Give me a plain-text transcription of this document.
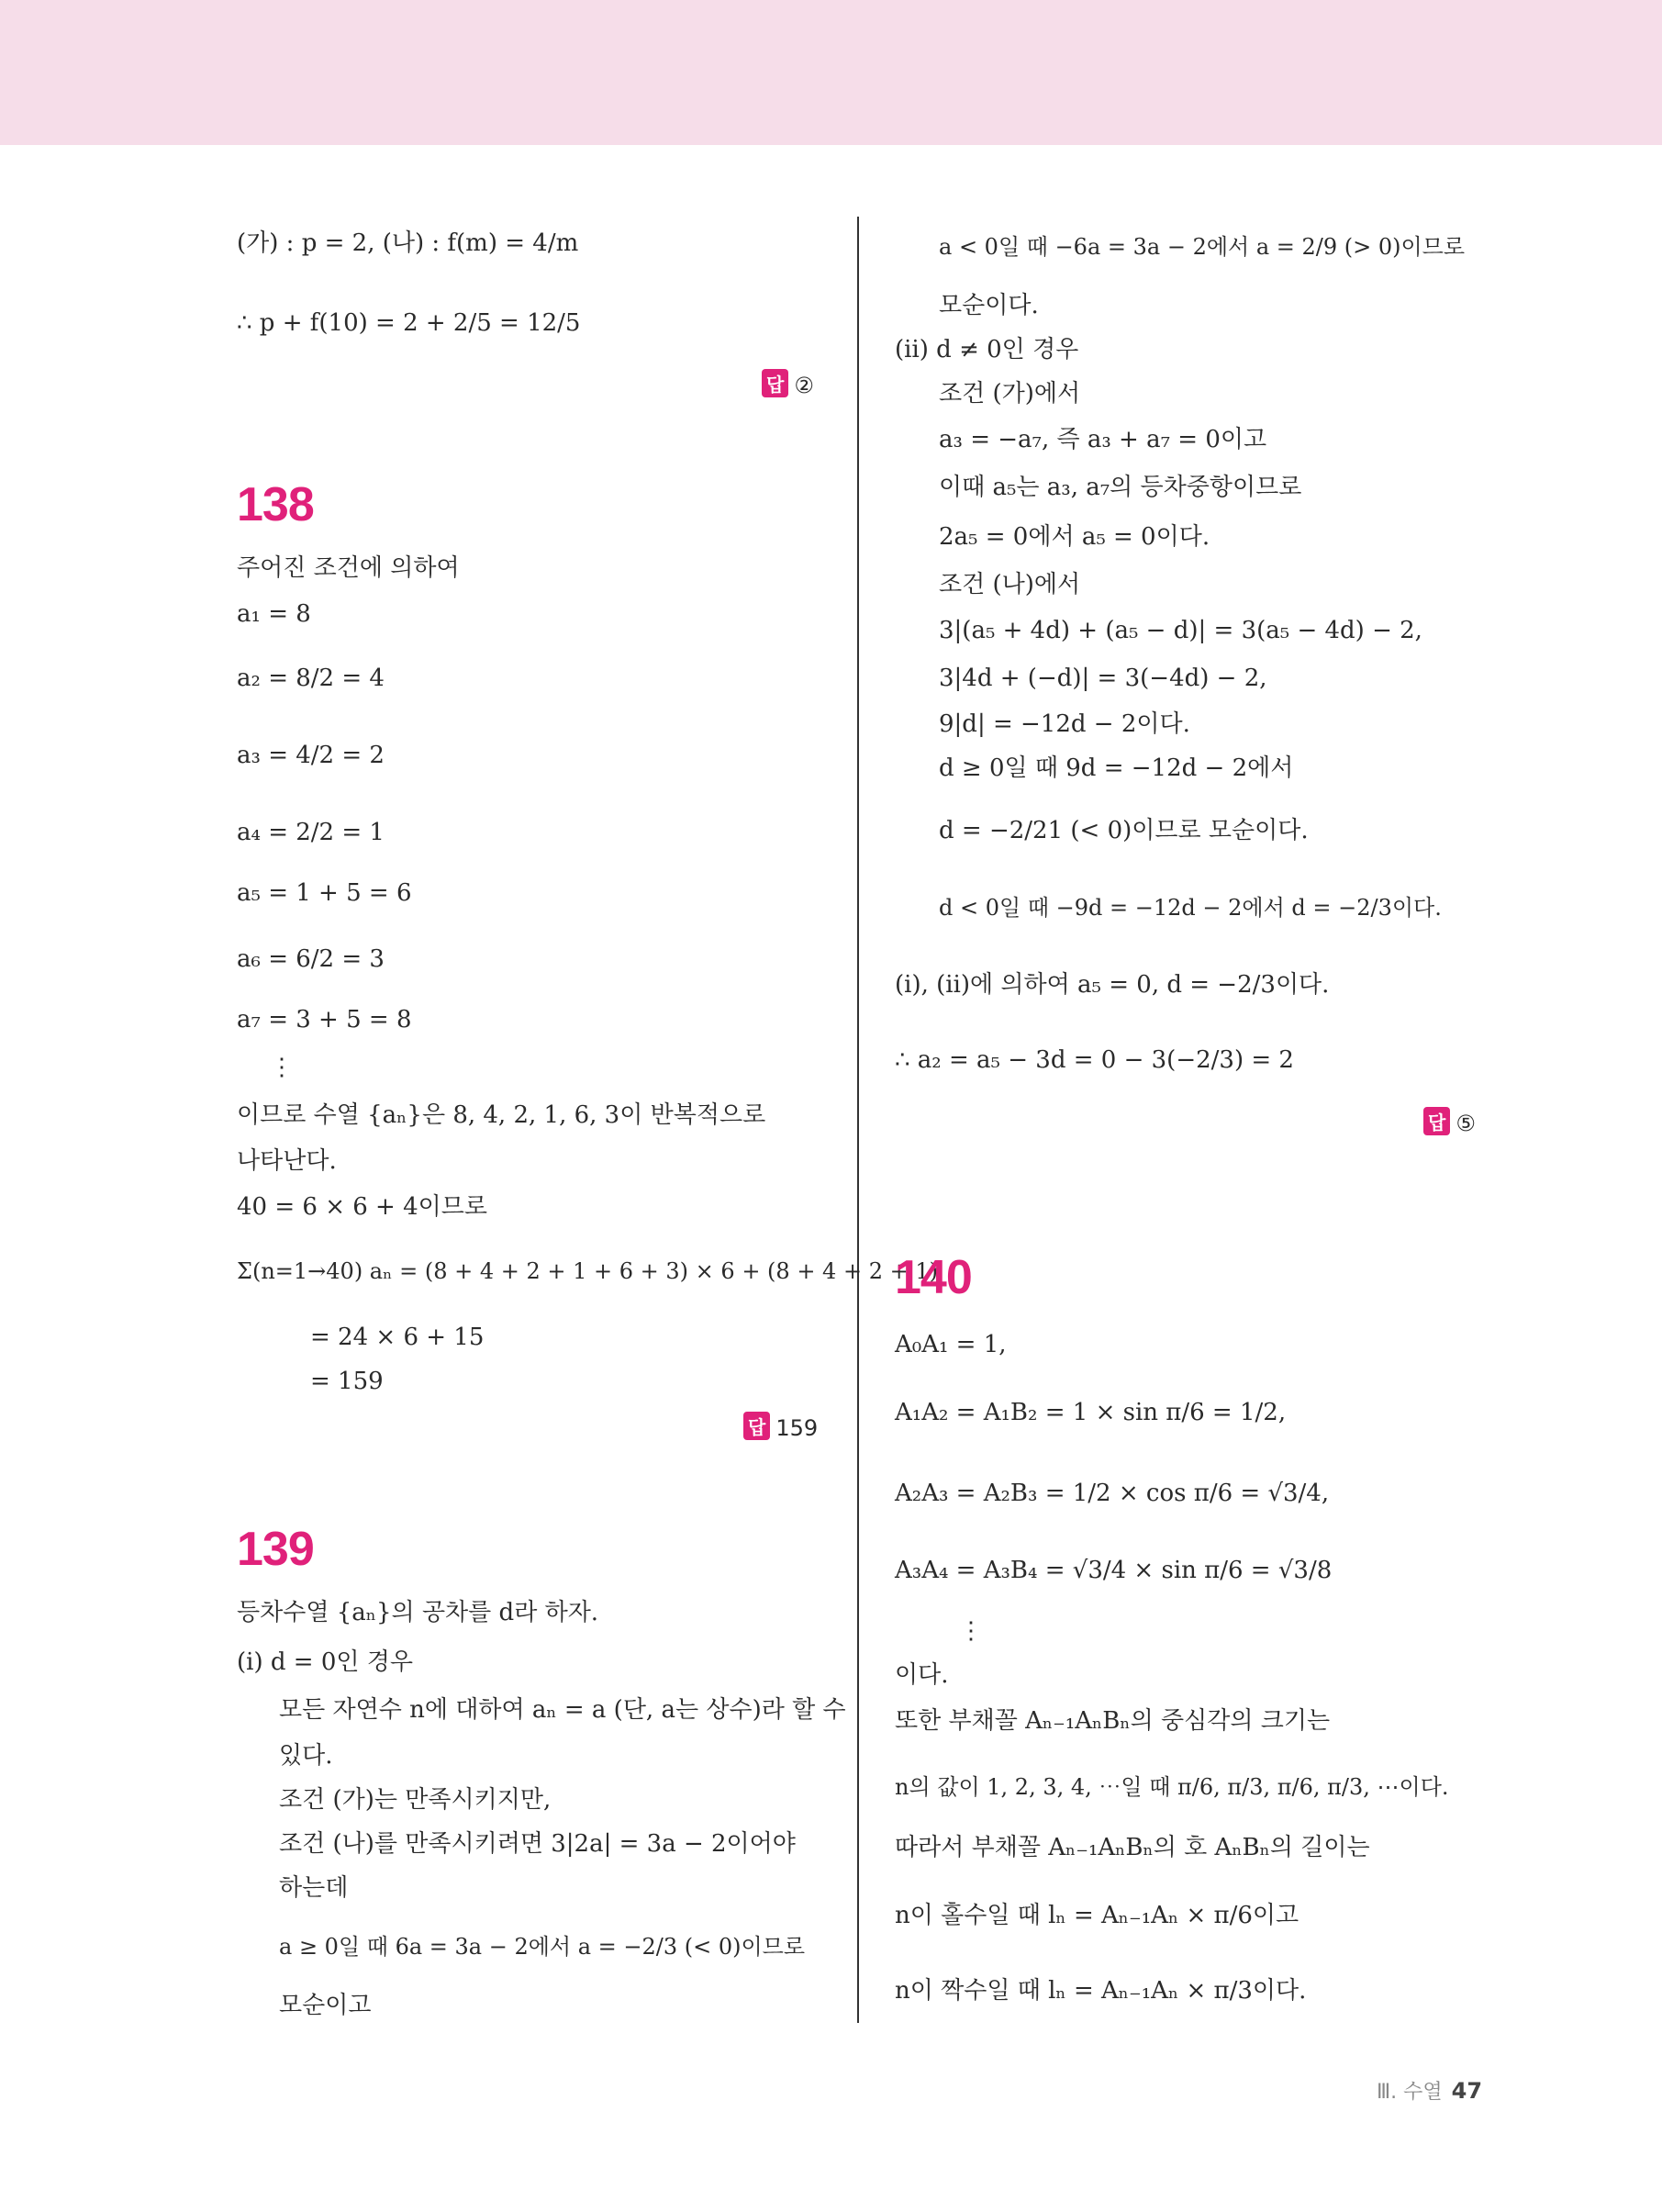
(가) : p = 2, (나) : f(m) = 4/m
∴ p + f(10) = 2 + 2/5 = 12/5
답 ②
138
주어진 조건에 의하여
a₁ = 8
a₂ = 8/2 = 4
a₃ = 4/2 = 2
a₄ = 2/2 = 1
a₅ = 1 + 5 = 6
a₆ = 6/2 = 3
a₇ = 3 + 5 = 8
⋮
이므로 수열 {aₙ}은 8, 4, 2, 1, 6, 3이 반복적으로
나타난다.
40 = 6 × 6 + 4이므로
Σ(n=1→40) aₙ = (8 + 4 + 2 + 1 + 6 + 3) × 6 + (8 + 4 + 2 + 1)
= 24 × 6 + 15
= 159
답 159
139
등차수열 {aₙ}의 공차를 d라 하자.
(ⅰ) d = 0인 경우
모든 자연수 n에 대하여 aₙ = a (단, a는 상수)라 할 수
있다.
조건 (가)는 만족시키지만,
조건 (나)를 만족시키려면 3|2a| = 3a − 2이어야
하는데
a ≥ 0일 때 6a = 3a − 2에서 a = −2/3 (< 0)이므로
모순이고
a < 0일 때 −6a = 3a − 2에서 a = 2/9 (> 0)이므로
모순이다.
(ⅱ) d ≠ 0인 경우
조건 (가)에서
a₃ = −a₇, 즉 a₃ + a₇ = 0이고
이때 a₅는 a₃, a₇의 등차중항이므로
2a₅ = 0에서 a₅ = 0이다.
조건 (나)에서
3|(a₅ + 4d) + (a₅ − d)| = 3(a₅ − 4d) − 2,
3|4d + (−d)| = 3(−4d) − 2,
9|d| = −12d − 2이다.
d ≥ 0일 때 9d = −12d − 2에서
d = −2/21 (< 0)이므로 모순이다.
d < 0일 때 −9d = −12d − 2에서 d = −2/3이다.
(ⅰ), (ⅱ)에 의하여 a₅ = 0, d = −2/3이다.
∴ a₂ = a₅ − 3d = 0 − 3(−2/3) = 2
답 ⑤
140
A₀A₁ = 1,
A₁A₂ = A₁B₂ = 1 × sin π/6 = 1/2,
A₂A₃ = A₂B₃ = 1/2 × cos π/6 = √3/4,
A₃A₄ = A₃B₄ = √3/4 × sin π/6 = √3/8
⋮
이다.
또한 부채꼴 Aₙ₋₁AₙBₙ의 중심각의 크기는
n의 값이 1, 2, 3, 4, ⋯일 때 π/6, π/3, π/6, π/3, ⋯이다.
따라서 부채꼴 Aₙ₋₁AₙBₙ의 호 AₙBₙ의 길이는
n이 홀수일 때 lₙ = Aₙ₋₁Aₙ × π/6이고
n이 짝수일 때 lₙ = Aₙ₋₁Aₙ × π/3이다.
Ⅲ. 수열 47
